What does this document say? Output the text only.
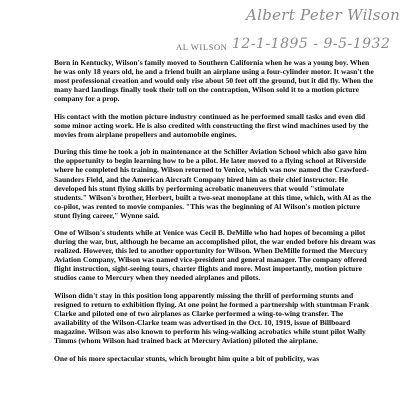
Albert Peter Wilson
12-1-1895 - 9-5-1932
AL WILSON

Born in Kentucky, Wilson's family moved to Southern California when he was a young boy. When he was only 18 years old, he and a friend built an airplane using a four-cylinder motor. It wasn't the most professional creation and would only rise about 50 feet off the ground, but it did fly. When the many hard landings finally took their toll on the contraption, Wilson sold it to a motion picture company for a prop.

His contact with the motion picture industry continued as he performed small tasks and even did some minor acting work. He is also credited with constructing the first wind machines used by the movies from airplane propellers and automobile engines.

During this time he took a job in maintenance at the Schiller Aviation School which also gave him the opportunity to begin learning how to be a pilot. He later moved to a flying school at Riverside where he completed his training. Wilson returned to Venice, which was now named the Crawford-Saunders Field, and the American Aircraft Company hired him as their chief instructor. He developed his stunt flying skills by performing acrobatic maneuvers that would "stimulate students." Wilson's brother, Herbert, built a two-seat monoplane at this time, which, with Al as the co-pilot, was rented to movie companies. "This was the beginning of Al Wilson's motion picture stunt flying career," Wynne said.

One of Wilson's students while at Venice was Cecil B. DeMille who had hopes of becoming a pilot during the war, but, although he became an accomplished pilot, the war ended before his dream was realized. However, this led to another opportunity for Wilson. When DeMille formed the Mercury Aviation Company, Wilson was named vice-president and general manager. The company offered flight instruction, sight-seeing tours, charter flights and more. Most importantly, motion picture studios came to Mercury when they needed airplanes and pilots.

Wilson didn't stay in this position long apparently missing the thrill of performing stunts and resigned to return to exhibition flying. At one point he formed a partnership with stuntman Frank Clarke and piloted one of two airplanes as Clarke performed a wing-to-wing transfer. The availability of the Wilson-Clarke team was advertised in the Oct. 10, 1919, issue of Billboard magazine. Wilson was also known to perform his wing-walking acrobatics while stunt pilot Wally Timms (whom Wilson had trained back at Mercury Aviation) piloted the airplane.

One of his more spectacular stunts, which brought him quite a bit of publicity, was
